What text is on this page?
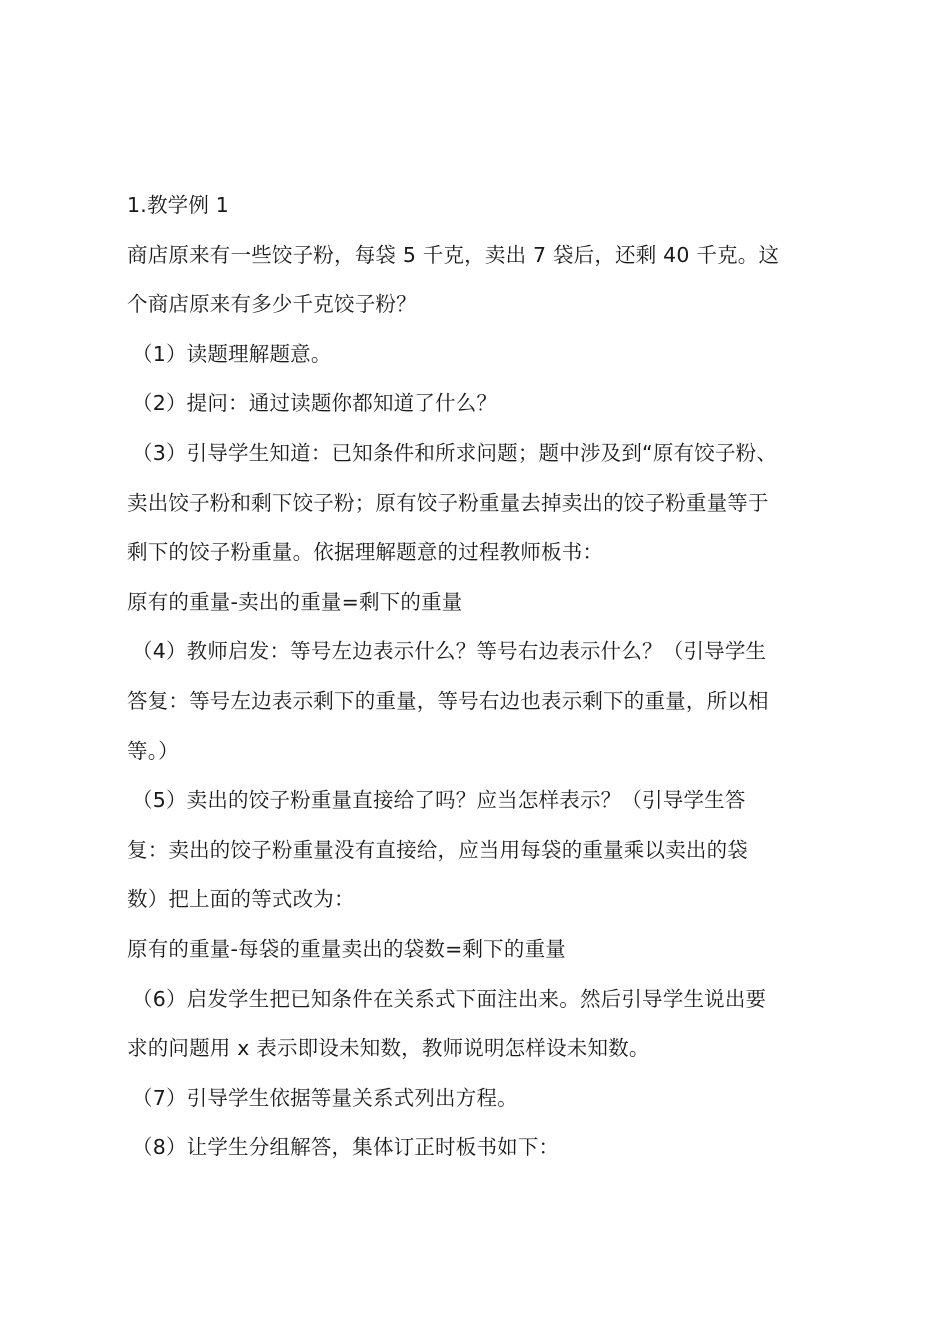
1.教学例 1
商店原来有一些饺子粉，每袋 5 千克，卖出 7 袋后，还剩 40 千克。这
个商店原来有多少千克饺子粉？
（1）读题理解题意。
（2）提问：通过读题你都知道了什么？
（3）引导学生知道：已知条件和所求问题；题中涉及到“原有饺子粉、
卖出饺子粉和剩下饺子粉；原有饺子粉重量去掉卖出的饺子粉重量等于
剩下的饺子粉重量。依据理解题意的过程教师板书：
原有的重量-卖出的重量=剩下的重量
（4）教师启发：等号左边表示什么？等号右边表示什么？（引导学生
答复：等号左边表示剩下的重量，等号右边也表示剩下的重量，所以相
等。）
（5）卖出的饺子粉重量直接给了吗？应当怎样表示？（引导学生答
复：卖出的饺子粉重量没有直接给，应当用每袋的重量乘以卖出的袋
数）把上面的等式改为：
原有的重量-每袋的重量卖出的袋数=剩下的重量
（6）启发学生把已知条件在关系式下面注出来。然后引导学生说出要
求的问题用 x 表示即设未知数，教师说明怎样设未知数。
（7）引导学生依据等量关系式列出方程。
（8）让学生分组解答，集体订正时板书如下：
